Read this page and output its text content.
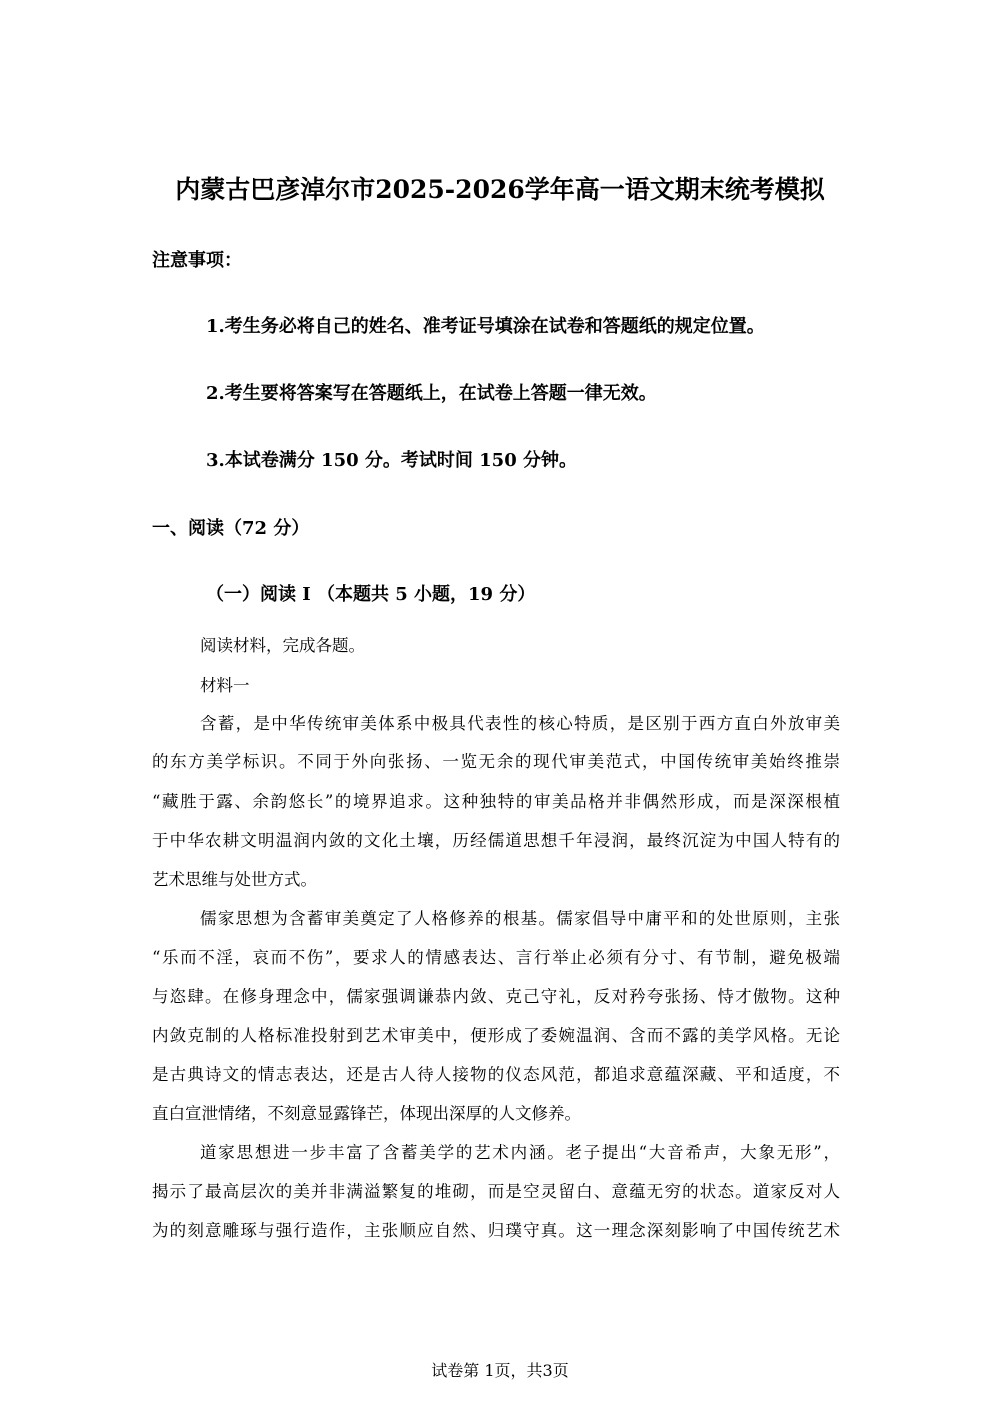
内蒙古巴彦淖尔市2025-2026学年高一语文期末统考模拟
注意事项：
1.考生务必将自己的姓名、准考证号填涂在试卷和答题纸的规定位置。
2.考生要将答案写在答题纸上，在试卷上答题一律无效。
3.本试卷满分 150 分。考试时间 150 分钟。
一、阅读（72 分）
（一）阅读 I （本题共 5 小题，19 分）
阅读材料，完成各题。
材料一
含蓄，是中华传统审美体系中极具代表性的核心特质，是区别于西方直白外放审美
的东方美学标识。不同于外向张扬、一览无余的现代审美范式，中国传统审美始终推崇
“藏胜于露、余韵悠长”的境界追求。这种独特的审美品格并非偶然形成，而是深深根植
于中华农耕文明温润内敛的文化土壤，历经儒道思想千年浸润，最终沉淀为中国人特有的
艺术思维与处世方式。
儒家思想为含蓄审美奠定了人格修养的根基。儒家倡导中庸平和的处世原则，主张
“乐而不淫，哀而不伤”，要求人的情感表达、言行举止必须有分寸、有节制，避免极端
与恣肆。在修身理念中，儒家强调谦恭内敛、克己守礼，反对矜夸张扬、恃才傲物。这种
内敛克制的人格标准投射到艺术审美中，便形成了委婉温润、含而不露的美学风格。无论
是古典诗文的情志表达，还是古人待人接物的仪态风范，都追求意蕴深藏、平和适度，不
直白宣泄情绪，不刻意显露锋芒，体现出深厚的人文修养。
道家思想进一步丰富了含蓄美学的艺术内涵。老子提出“大音希声，大象无形”，
揭示了最高层次的美并非满溢繁复的堆砌，而是空灵留白、意蕴无穷的状态。道家反对人
为的刻意雕琢与强行造作，主张顺应自然、归璞守真。这一理念深刻影响了中国传统艺术
试卷第 1页，共3页
